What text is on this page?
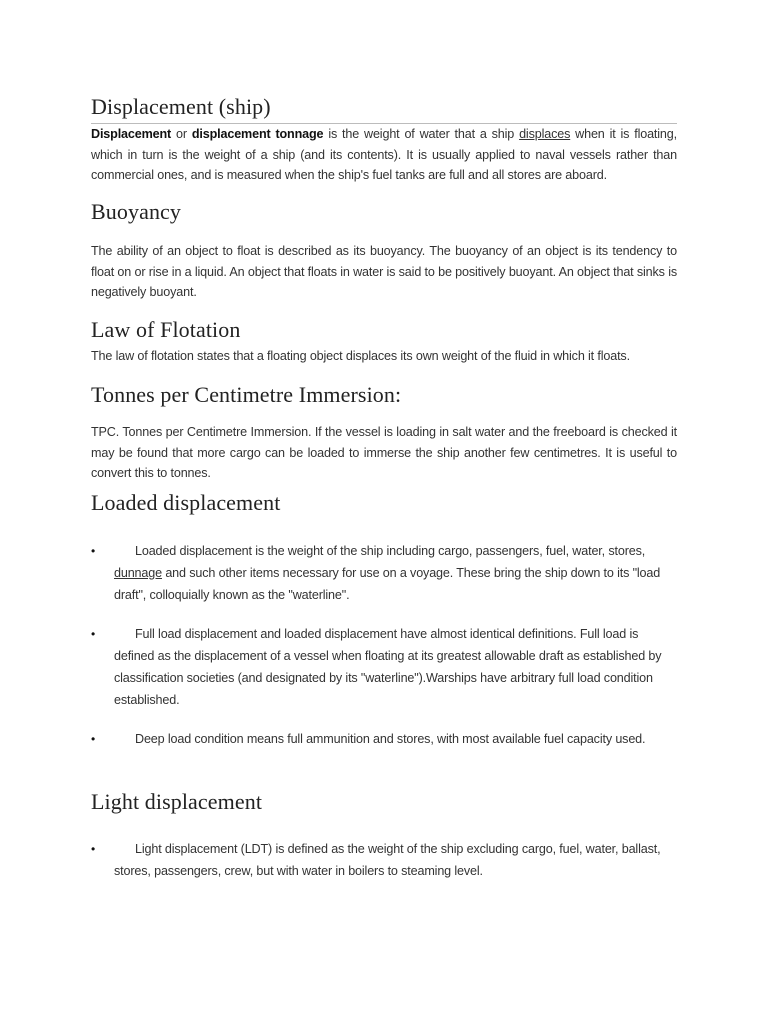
Displacement (ship)

Displacement or displacement tonnage is the weight of water that a ship displaces when it is floating, which in turn is the weight of a ship (and its contents). It is usually applied to naval vessels rather than commercial ones, and is measured when the ship's fuel tanks are full and all stores are aboard.

Buoyancy

The ability of an object to float is described as its buoyancy. The buoyancy of an object is its tendency to float on or rise in a liquid. An object that floats in water is said to be positively buoyant. An object that sinks is negatively buoyant.

Law of Flotation

The law of flotation states that a floating object displaces its own weight of the fluid in which it floats.

Tonnes per Centimetre Immersion:

TPC. Tonnes per Centimetre Immersion. If the vessel is loading in salt water and the freeboard is checked it may be found that more cargo can be loaded to immerse the ship another few centimetres. It is useful to convert this to tonnes.

Loaded displacement
•	Loaded displacement is the weight of the ship including cargo, passengers, fuel, water, stores, dunnage and such other items necessary for use on a voyage. These bring the ship down to its "load draft", colloquially known as the "waterline".
•	Full load displacement and loaded displacement have almost identical definitions. Full load is defined as the displacement of a vessel when floating at its greatest allowable draft as established by classification societies (and designated by its "waterline").Warships have arbitrary full load condition established.
•	Deep load condition means full ammunition and stores, with most available fuel capacity used.
Light displacement
•	Light displacement (LDT) is defined as the weight of the ship excluding cargo, fuel, water, ballast, stores, passengers, crew, but with water in boilers to steaming level.
